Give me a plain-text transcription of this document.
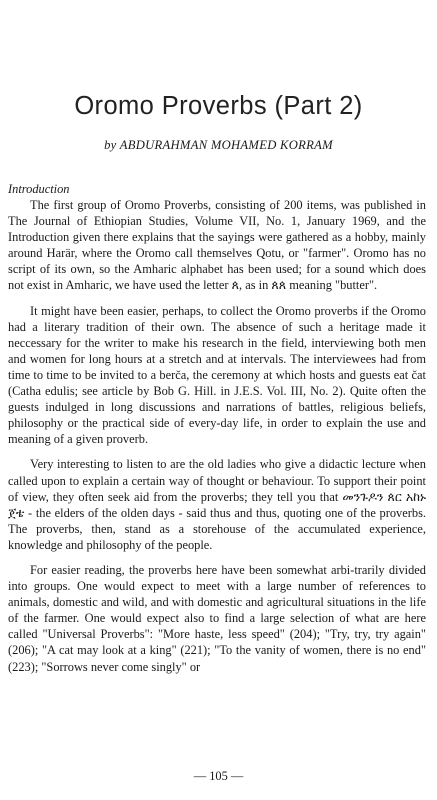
Oromo Proverbs (Part 2)
by ABDURAHMAN MOHAMED KORRAM
Introduction

The first group of Oromo Proverbs, consisting of 200 items, was published in The Journal of Ethiopian Studies, Volume VII, No. 1, January 1969, and the Introduction given there explains that the sayings were gathered as a hobby, mainly around Harär, where the Oromo call themselves Qotu, or "farmer". Oromo has no script of its own, so the Amharic alphabet has been used; for a sound which does not exist in Amharic, we have used the letter ጰ, as in ጰጰ meaning "butter".

It might have been easier, perhaps, to collect the Oromo proverbs if the Oromo had a literary tradition of their own. The absence of such a heritage made it neccessary for the writer to make his research in the field, interviewing both men and women for long hours at a stretch and at intervals. The interviewees had from time to time to be invited to a berča, the ceremony at which hosts and guests eat čat (Catha edulis; see article by Bob G. Hill. in J.E.S. Vol. III, No. 2). Quite often the guests indulged in long discussions and narrations of battles, religious beliefs, philosophy or the practical side of every-day life, in order to explain the use and meaning of a given proverb.

Very interesting to listen to are the old ladies who give a didactic lecture when called upon to explain a certain way of thought or behaviour. To support their point of view, they often seek aid from the proverbs; they tell you that መንጉዶን ጰር አከኑ ጀቴ - the elders of the olden days - said thus and thus, quoting one of the proverbs. The proverbs, then, stand as a storehouse of the accumulated experience, knowledge and philosophy of the people.

For easier reading, the proverbs here have been somewhat arbi-trarily divided into groups. One would expect to meet with a large number of references to animals, domestic and wild, and with domestic and agricultural situations in the life of the farmer. One would expect also to find a large selection of what are here called "Universal Proverbs": "More haste, less speed" (204); "Try, try, try again" (206); "A cat may look at a king" (221); "To the vanity of women, there is no end" (223); "Sorrows never come singly" or

— 105 —
